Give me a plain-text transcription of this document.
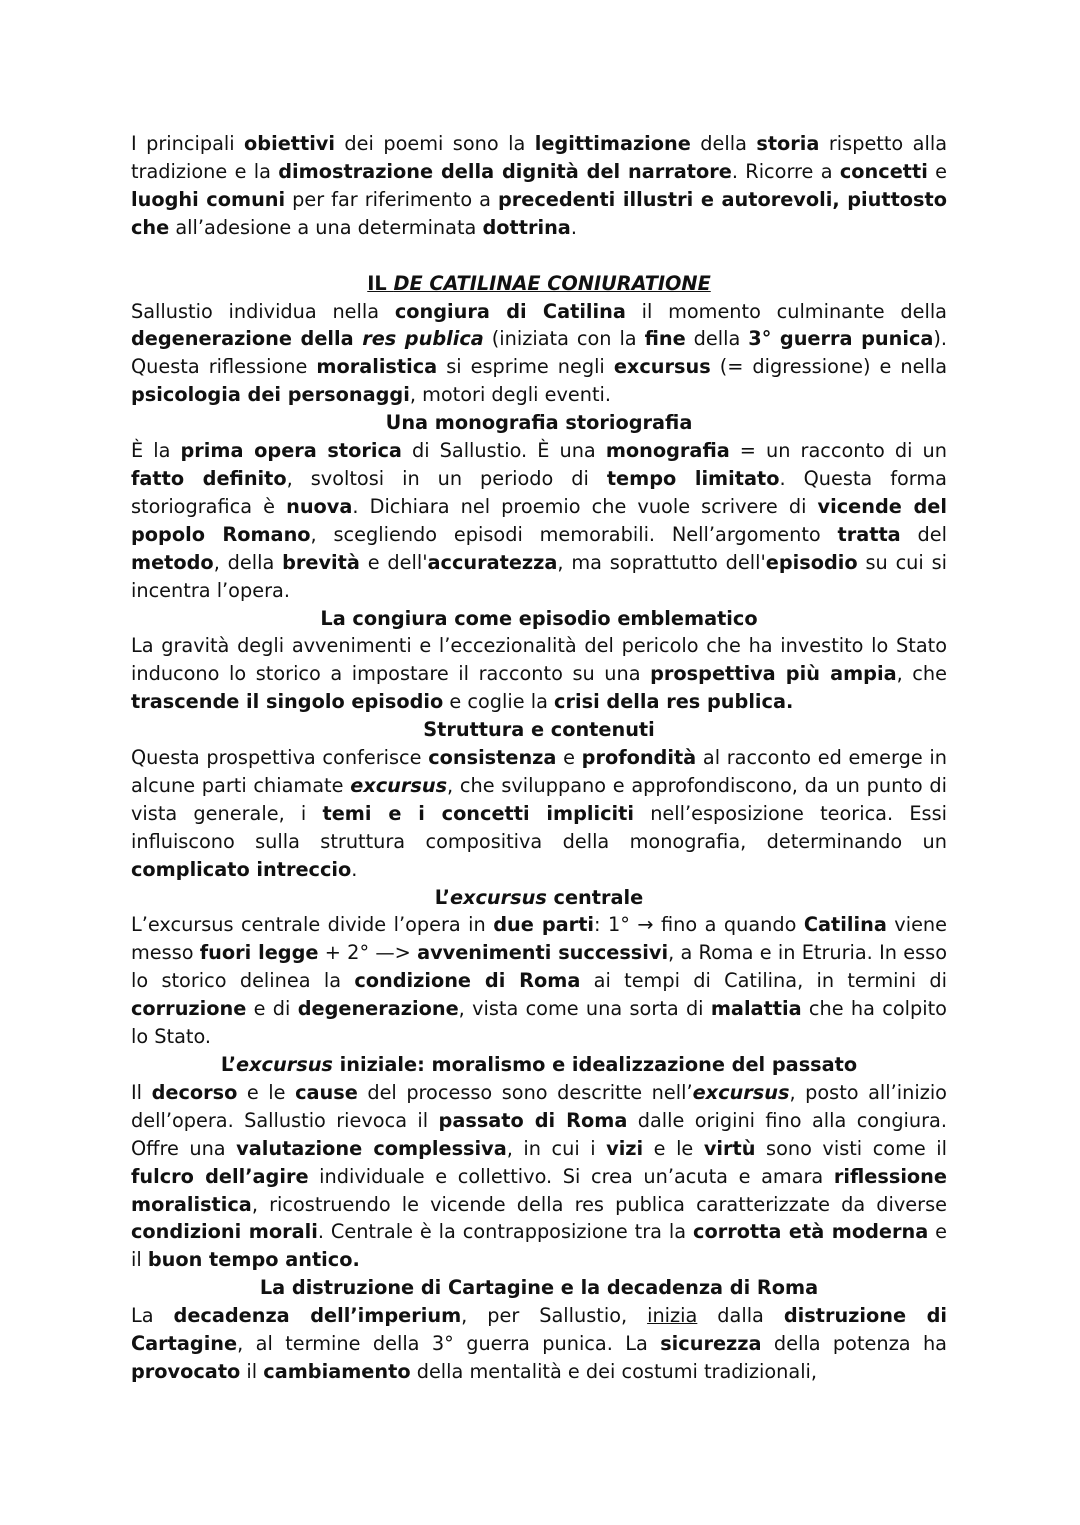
I principali obiettivi dei poemi sono la legittimazione della storia rispetto alla tradizione e la dimostrazione della dignità del narratore. Ricorre a concetti e luoghi comuni per far riferimento a precedenti illustri e autorevoli, piuttosto che all’adesione a una determinata dottrina.

IL DE CATILINAE CONIURATIONE

Sallustio individua nella congiura di Catilina il momento culminante della degenerazione della res publica (iniziata con la fine della 3° guerra punica). Questa riflessione moralistica si esprime negli excursus (= digressione) e nella psicologia dei personaggi, motori degli eventi.

Una monografia storiografia

È la prima opera storica di Sallustio. È una monografia = un racconto di un fatto definito, svoltosi in un periodo di tempo limitato. Questa forma storiografica è nuova. Dichiara nel proemio che vuole scrivere di vicende del popolo Romano, scegliendo episodi memorabili. Nell’argomento tratta del metodo, della brevità e dell'accuratezza, ma soprattutto dell'episodio su cui si incentra l’opera.

La congiura come episodio emblematico

La gravità degli avvenimenti e l’eccezionalità del pericolo che ha investito lo Stato inducono lo storico a impostare il racconto su una prospettiva più ampia, che trascende il singolo episodio e coglie la crisi della res publica.

Struttura e contenuti

Questa prospettiva conferisce consistenza e profondità al racconto ed emerge in alcune parti chiamate excursus, che sviluppano e approfondiscono, da un punto di vista generale, i temi e i concetti impliciti nell’esposizione teorica. Essi influiscono sulla struttura compositiva della monografia, determinando un complicato intreccio.

L’excursus centrale

L’excursus centrale divide l’opera in due parti: 1° → fino a quando Catilina viene messo fuori legge + 2° —> avvenimenti successivi, a Roma e in Etruria. In esso lo storico delinea la condizione di Roma ai tempi di Catilina, in termini di corruzione e di degenerazione, vista come una sorta di malattia che ha colpito lo Stato.

L’excursus iniziale: moralismo e idealizzazione del passato

Il decorso e le cause del processo sono descritte nell’excursus, posto all’inizio dell’opera. Sallustio rievoca il passato di Roma dalle origini fino alla congiura. Offre una valutazione complessiva, in cui i vizi e le virtù sono visti come il fulcro dell’agire individuale e collettivo. Si crea un’acuta e amara riflessione moralistica, ricostruendo le vicende della res publica caratterizzate da diverse condizioni morali. Centrale è la contrapposizione tra la corrotta età moderna e il buon tempo antico.

La distruzione di Cartagine e la decadenza di Roma

La decadenza dell’imperium, per Sallustio, inizia dalla distruzione di Cartagine, al termine della 3° guerra punica. La sicurezza della potenza ha provocato il cambiamento della mentalità e dei costumi tradizionali,
